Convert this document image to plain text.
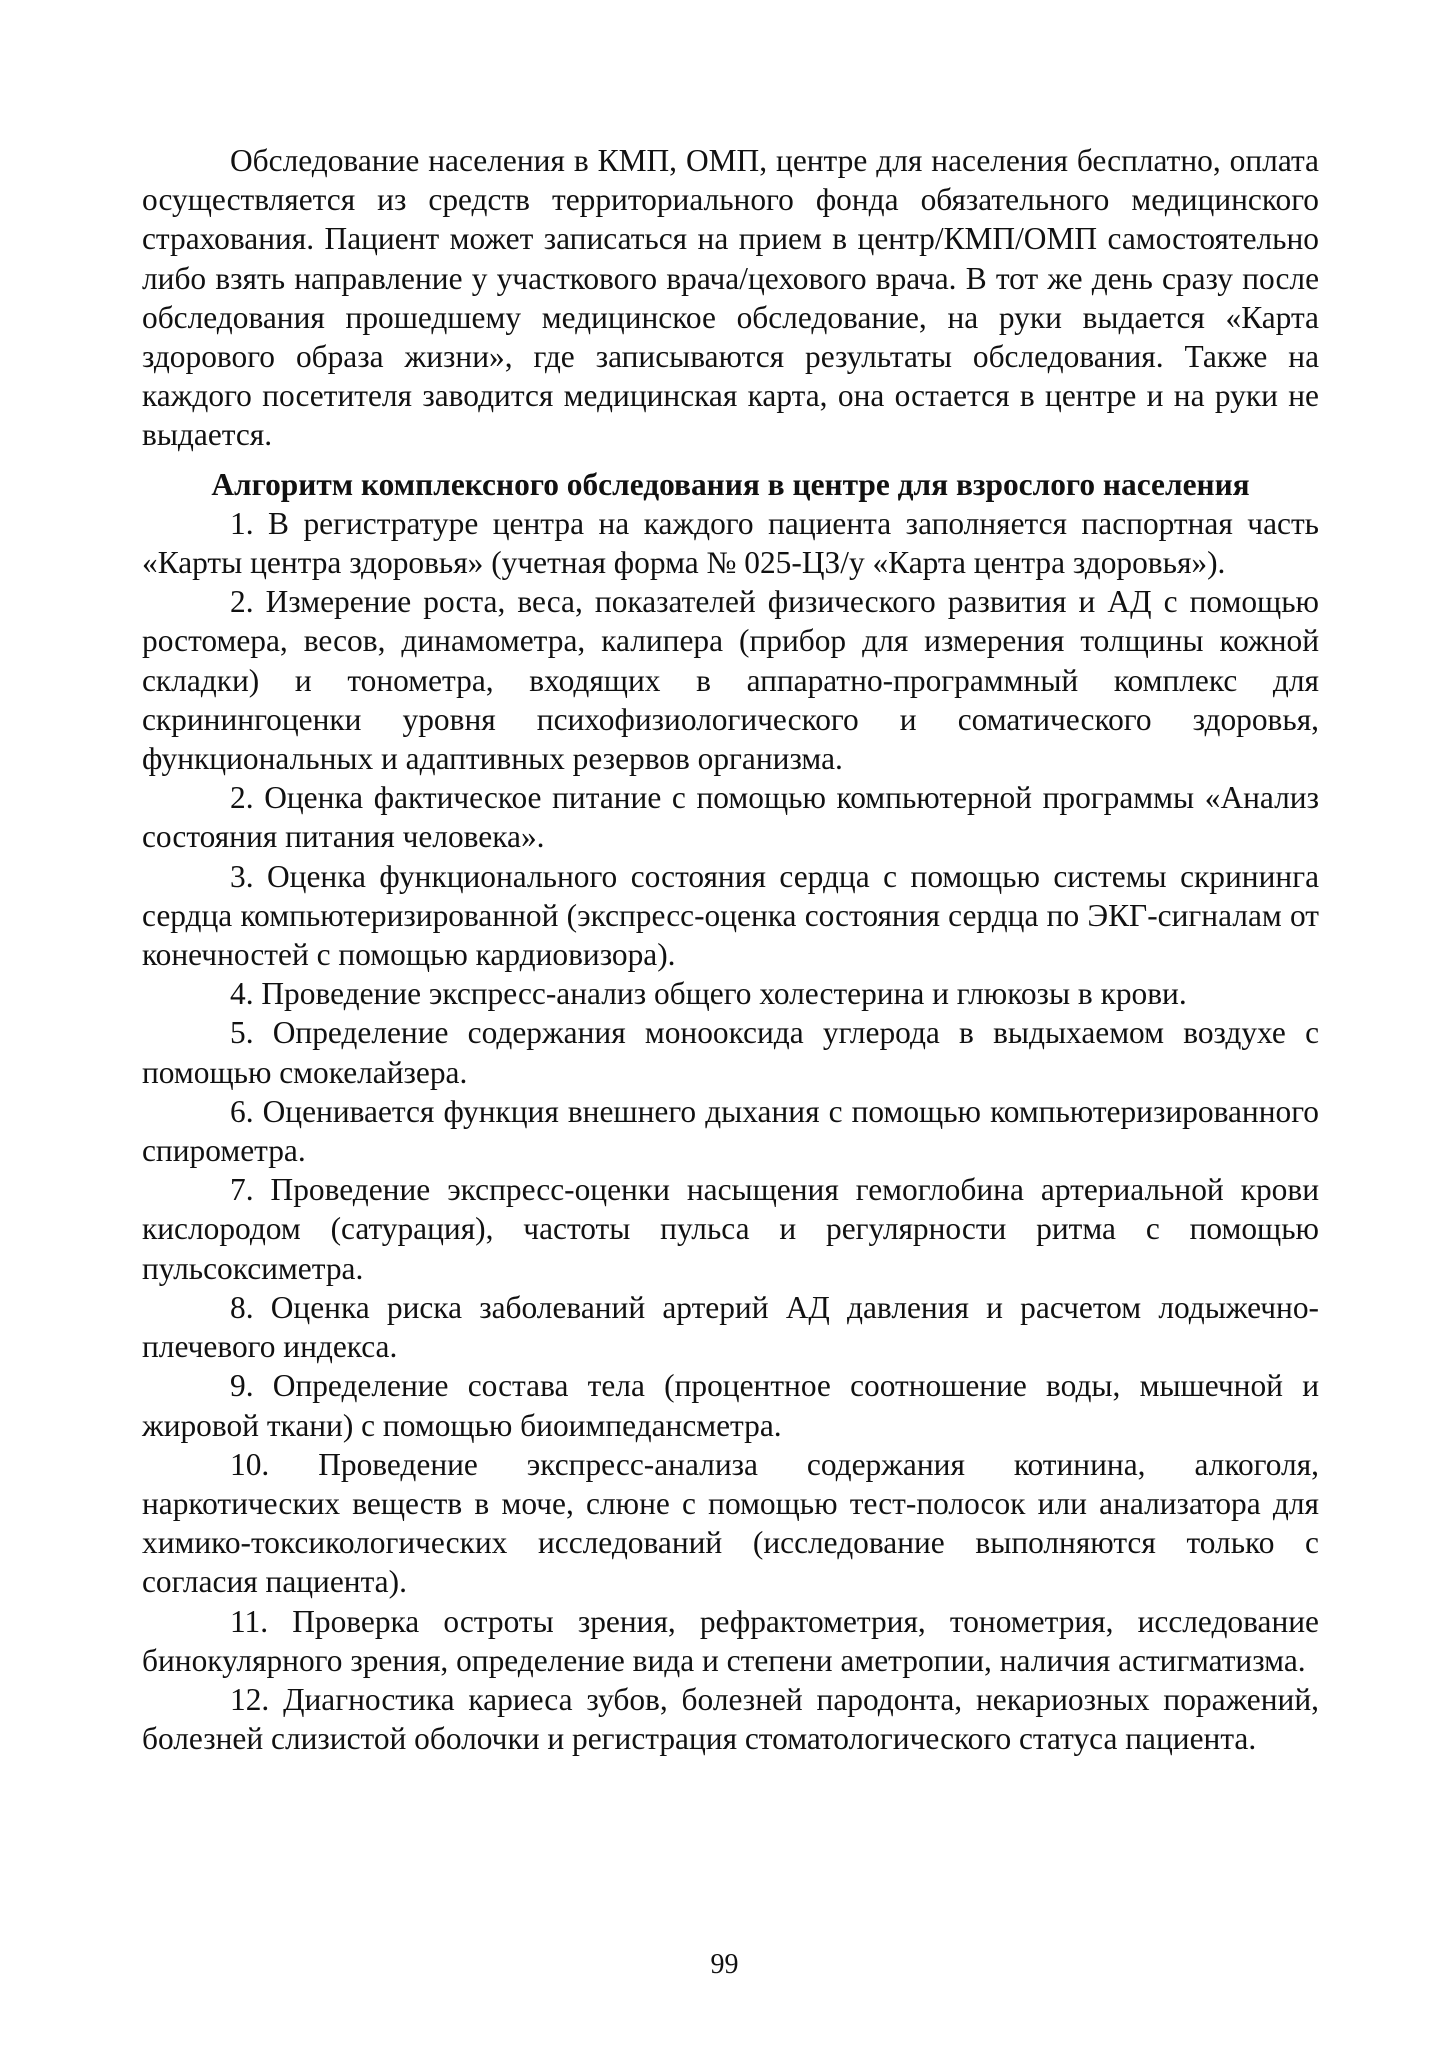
Обследование населения в КМП, ОМП, центре для населения бесплатно, оплата осуществляется из средств территориального фонда обязательного медицинского страхования. Пациент может записаться на прием в центр/КМП/ОМП самостоятельно либо взять направление у участкового врача/цехового врача. В тот же день сразу после обследования прошедшему медицинское обследование, на руки выдается «Карта здорового образа жизни», где записываются результаты обследования. Также на каждого посетителя заводится медицинская карта, она остается в центре и на руки не выдается.

Алгоритм комплексного обследования в центре для взрослого населения

1. В регистратуре центра на каждого пациента заполняется паспортная часть «Карты центра здоровья» (учетная форма № 025-ЦЗ/у «Карта центра здоровья»).

2. Измерение роста, веса, показателей физического развития и АД с помощью ростомера, весов, динамометра, калипера (прибор для измерения толщины кожной складки) и тонометра, входящих в аппаратно-программный комплекс для скринингоценки уровня психофизиологического и соматического здоровья, функциональных и адаптивных резервов организма.

2. Оценка фактическое питание с помощью компьютерной программы «Анализ состояния питания человека».

3. Оценка функционального состояния сердца с помощью системы скрининга сердца компьютеризированной (экспресс-оценка состояния сердца по ЭКГ-сигналам от конечностей с помощью кардиовизора).

4. Проведение экспресс-анализ общего холестерина и глюкозы в крови.

5. Определение содержания монооксида углерода в выдыхаемом воздухе с помощью смокелайзера.

6. Оценивается функция внешнего дыхания с помощью компьютеризированного спирометра.

7. Проведение экспресс-оценки насыщения гемоглобина артериальной крови кислородом (сатурация), частоты пульса и регулярности ритма с помощью пульсоксиметра.

8. Оценка риска заболеваний артерий АД давления и расчетом лодыжечно-плечевого индекса.

9. Определение состава тела (процентное соотношение воды, мышечной и жировой ткани) с помощью биоимпедансметра.

10. Проведение экспресс-анализа содержания котинина, алкоголя, наркотических веществ в моче, слюне с помощью тест-полосок или анализатора для химико-токсикологических исследований (исследование выполняются только с согласия пациента).

11. Проверка остроты зрения, рефрактометрия, тонометрия, исследование бинокулярного зрения, определение вида и степени аметропии, наличия астигматизма.

12. Диагностика кариеса зубов, болезней пародонта, некариозных поражений, болезней слизистой оболочки и регистрация стоматологического статуса пациента.

99
